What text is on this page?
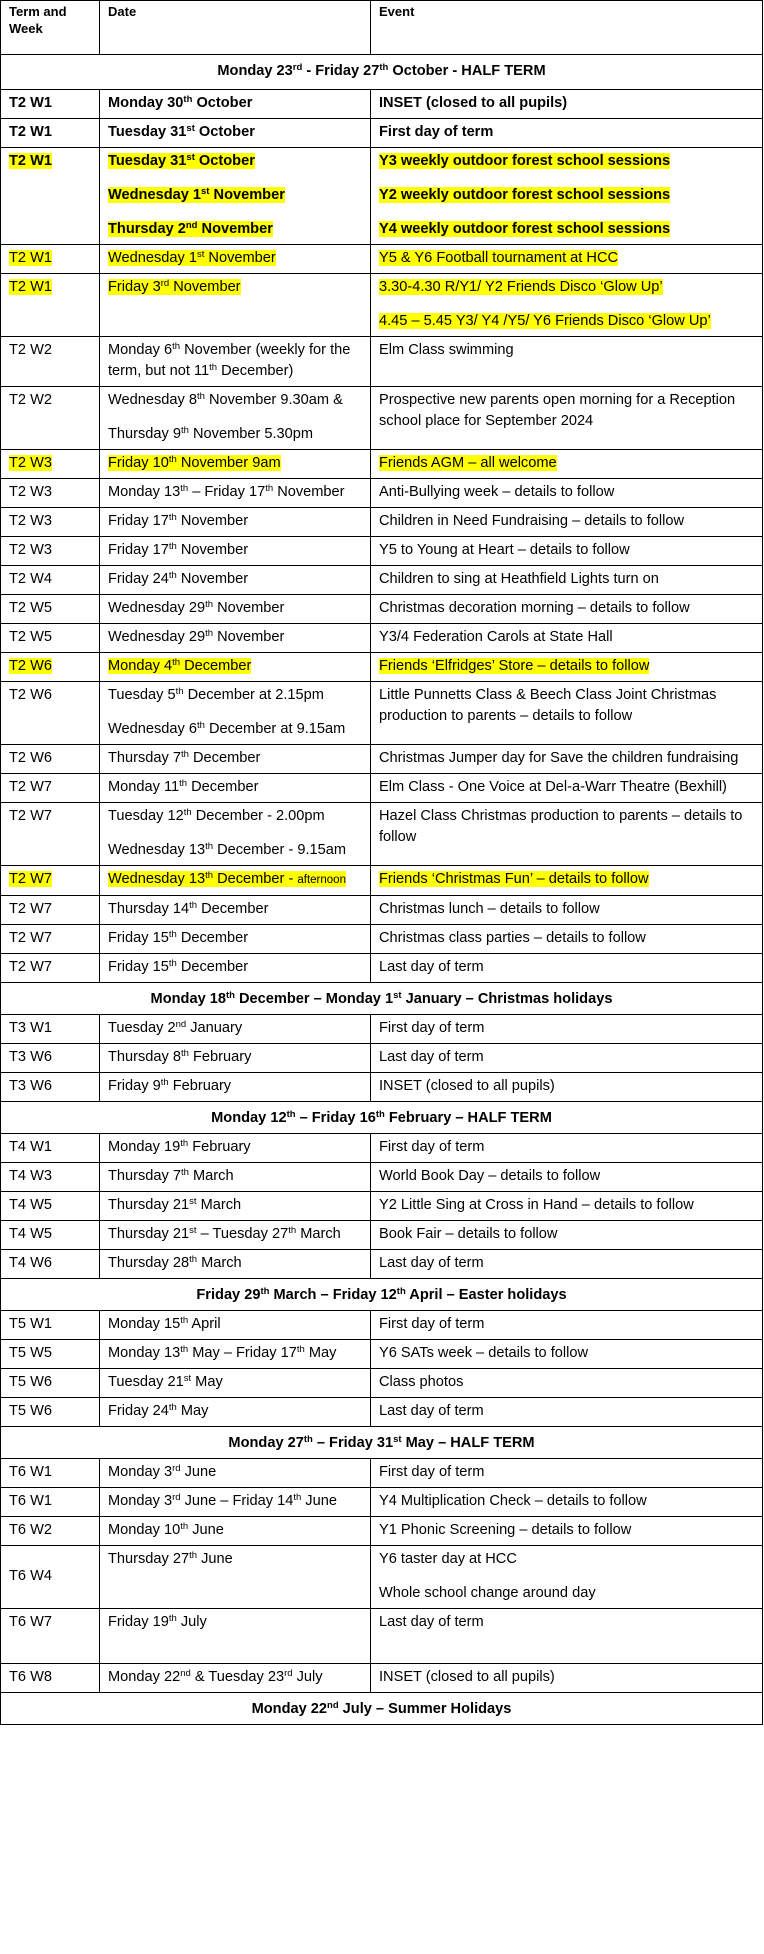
Term and Week	Date	Event
Monday 23rd - Friday 27th October - HALF TERM		
T2 W1	Monday 30th October	INSET (closed to all pupils)

T2 W1	Tuesday 31st October	First day of term

T2 W1	Tuesday 31st October
Wednesday 1st November
Thursday 2nd November	Y3 weekly outdoor forest school sessions
Y2 weekly outdoor forest school sessions
Y4 weekly outdoor forest school sessions

T2 W1	Wednesday 1st November	Y5 & Y6 Football tournament at HCC

T2 W1	Friday 3rd November	3.30-4.30 R/Y1/ Y2 Friends Disco ‘Glow Up’
4.45 – 5.45 Y3/ Y4 /Y5/ Y6 Friends Disco ‘Glow Up’

T2 W2	Monday 6th November (weekly for the term, but not 11th December)	Elm Class swimming

T2 W2	Wednesday 8th November 9.30am &
Thursday 9th November 5.30pm	Prospective new parents open morning for a Reception school place for September 2024

T2 W3	Friday 10th November 9am	Friends AGM – all welcome

T2 W3	Monday 13th – Friday 17th November	Anti-Bullying week – details to follow

T2 W3	Friday 17th November	Children in Need Fundraising – details to follow

T2 W3	Friday 17th November	Y5 to Young at Heart – details to follow

T2 W4	Friday 24th November	Children to sing at Heathfield Lights turn on

T2 W5	Wednesday 29th November	Christmas decoration morning – details to follow

T2 W5	Wednesday 29th November	Y3/4 Federation Carols at State Hall

T2 W6	Monday 4th December	Friends ‘Elfridges’ Store – details to follow

T2 W6	Tuesday 5th December at 2.15pm
Wednesday 6th December at 9.15am	Little Punnetts Class & Beech Class Joint Christmas production to parents – details to follow

T2 W6	Thursday 7th December	Christmas Jumper day for Save the children fundraising

T2 W7	Monday 11th December	Elm Class - One Voice at Del-a-Warr Theatre (Bexhill)

T2 W7	Tuesday 12th December - 2.00pm
Wednesday 13th December - 9.15am	Hazel Class Christmas production to parents – details to follow

T2 W7	Wednesday 13th December - afternoon	Friends ‘Christmas Fun’ – details to follow

T2 W7	Thursday 14th December	Christmas lunch – details to follow

T2 W7	Friday 15th December	Christmas class parties – details to follow

T2 W7	Friday 15th December	Last day of term

Monday 18th December – Monday 1st January – Christmas holidays		
T3 W1	Tuesday 2nd January	First day of term

T3 W6	Thursday 8th February	Last day of term

T3 W6	Friday 9th February	INSET (closed to all pupils)

Monday 12th – Friday 16th February – HALF TERM		
T4 W1	Monday 19th February	First day of term

T4 W3	Thursday 7th March	World Book Day – details to follow

T4 W5	Thursday 21st March	Y2 Little Sing at Cross in Hand – details to follow

T4 W5	Thursday 21st – Tuesday 27th March	Book Fair – details to follow

T4 W6	Thursday 28th March	Last day of term

Friday 29th March – Friday 12th April – Easter holidays		
T5 W1	Monday 15th April	First day of term

T5 W5	Monday 13th May – Friday 17th May	Y6 SATs week – details to follow

T5 W6	Tuesday 21st May	Class photos

T5 W6	Friday 24th May	Last day of term

Monday 27th – Friday 31st May – HALF TERM		
T6 W1	Monday 3rd June	First day of term

T6 W1	Monday 3rd June – Friday 14th June	Y4 Multiplication Check – details to follow

T6 W2	Monday 10th June	Y1 Phonic Screening – details to follow

T6 W4	Thursday 27th June	Y6 taster day at HCC
Whole school change around day

T6 W7	Friday 19th July	Last day of term

T6 W8	Monday 22nd & Tuesday 23rd July	INSET (closed to all pupils)

Monday 22nd July – Summer Holidays		
